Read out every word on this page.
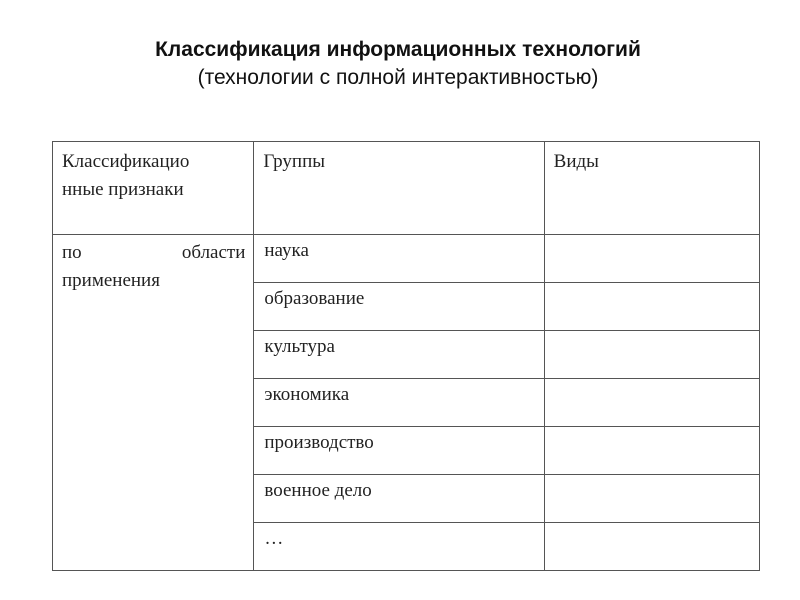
Классификация информационных технологий
(технологии с полной интерактивностью)
Классификацио
нные признаки	Группы	Виды

по области
применения	наука	
	образование	
	культура	
	экономика	
	производство	
	военное дело	
	…	
